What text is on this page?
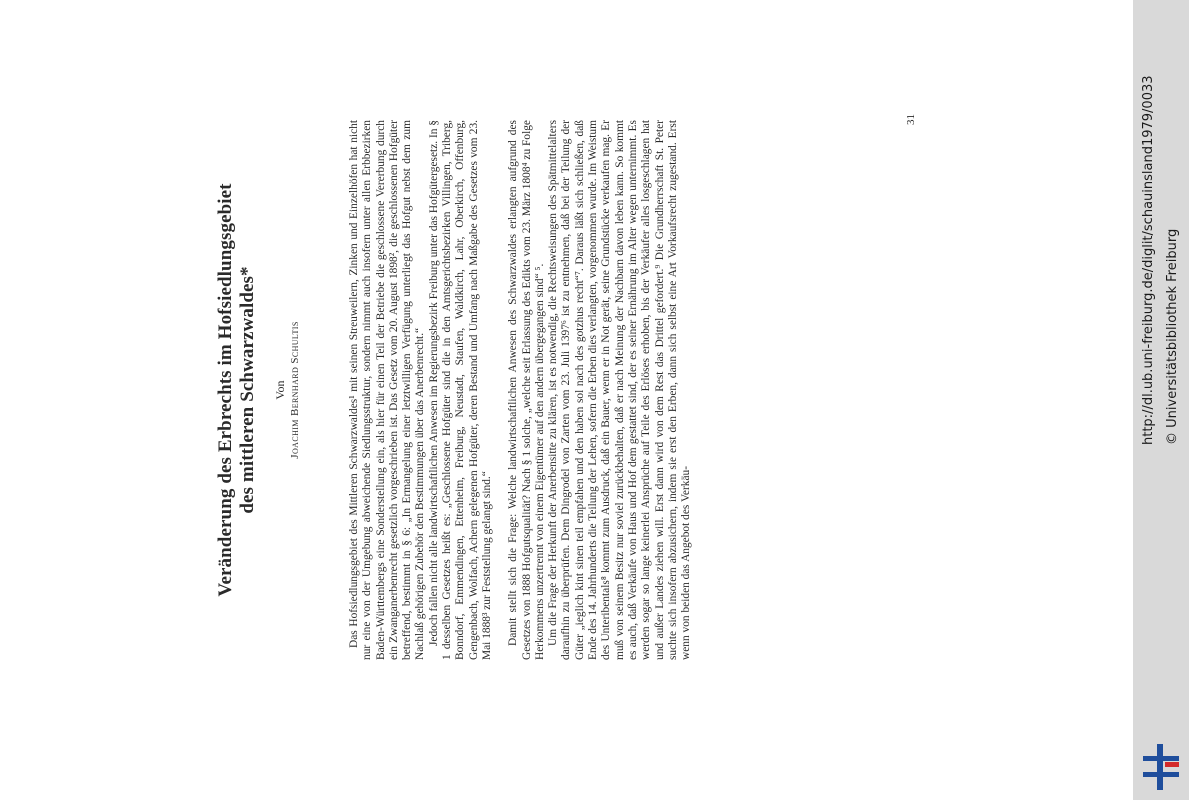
Veränderung des Erbrechts im Hofsiedlungsgebiet des mittleren Schwarzwaldes* Von Joachim Bernhard Schultis	Das Hofsiedlungsgebiet des Mittleren Schwarzwaldes¹ mit seinen Streuweilern, Zinken und Einzelhöfen hat nicht nur eine von der Umgebung abweichende Siedlungsstruktur, sondern nimmt auch insofern unter allen Erbbezirken Baden-Württembergs eine Sonderstellung ein, als hier für einen Teil der Betriebe die geschlossene Vererbung durch ein Zwanganerbenrecht gesetzlich vorgeschrieben ist. Das Gesetz vom 20. August 1898², die geschlossenen Hofgüter betreffend, bestimmt in § 6: „In Ermangelung einer letztwilligen Verfügung unterliegt das Hofgut nebst dem zum Nachlaß gehörigen Zubehör den Bestimmungen über das Anerbenrecht.“ Jedoch fallen nicht alle landwirtschaftlichen Anwesen im Regierungsbezirk Freiburg unter das Hofgütergesetz. In § 1 desselben Gesetzes heißt es: „Geschlossene Hofgüter sind die in den Amtsgerichtsbezirken Villingen, Triberg, Bonndorf, Emmendingen, Ettenheim, Freiburg, Neustadt, Staufen, Waldkirch, Lahr, Oberkirch, Offenburg, Gengenbach, Wolfach, Achern gelegenen Hofgüter, deren Bestand und Umfang nach Maßgabe des Gesetzes vom 23. Mai 1888³ zur Feststellung gelangt sind.“ Damit stellt sich die Frage: Welche landwirtschaftlichen Anwesen des Schwarzwaldes erlangten aufgrund des Gesetzes von 1888 Hofgutsqualität? Nach § 1 solche, „welche seit Erlassung des Edikts vom 23. März 1808⁴ zu Folge Herkommens unzertrennt von einem Eigentümer auf den andern übergegangen sind“ ⁵. Um die Frage der Herkunft der Anerbensitte zu klären, ist es notwendig, die Rechtsweisungen des Spätmittelalters daraufhin zu überprüfen. Dem Dingrodel von Zarten vom 23. Juli 1397⁶ ist zu entnehmen, daß bei der Teilung der Güter „ieglich kint sinen teil empfahen und den haben sol nach des gotzhus recht“⁷. Daraus läßt sich schließen, daß Ende des 14. Jahrhunderts die Teilung der Lehen, sofern die Erben dies verlangten, vorgenommen wurde. Im Weistum des Unteribentals⁸ kommt zum Ausdruck, daß ein Bauer, wenn er in Not gerät, seine Grundstücke verkaufen mag. Er muß von seinem Besitz nur soviel zurückbehalten, daß er nach Meinung der Nachbarn davon leben kann. So kommt es auch, daß Verkäufe von Haus und Hof dem gestattet sind, der es seiner Ernährung im Alter wegen unternimmt. Es werden sogar so lange keinerlei Ansprüche auf Teile des Erlöses erhoben, bis der Verkäufer alles losgeschlagen hat und außer Landes ziehen will. Erst dann wird von dem Rest das Drittel gefordert.⁹ Die Grundherrschaft St. Peter suchte sich insofern abzusichern, indem sie erst den Erben, dann sich selbst eine Art Vorkaufsrecht zugestand. Erst wenn von beiden das Angebot des Verkäu-

31	http://dl.ub.uni-freiburg.de/diglit/schauinsland1979/0033 © Universitätsbibliothek Freiburg
